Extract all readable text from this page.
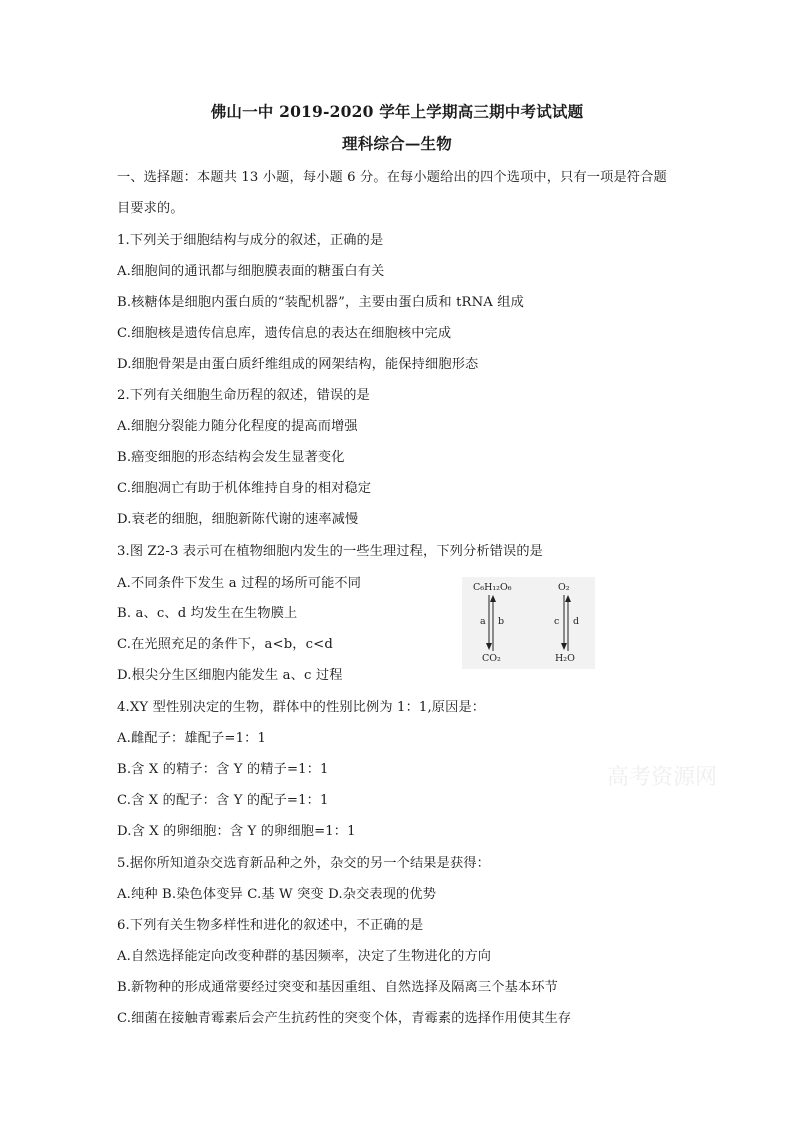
佛山一中 2019-2020 学年上学期高三期中考试试题
理科综合—生物
一、选择题：本题共 13 小题，每小题 6 分。在每小题给出的四个选项中，只有一项是符合题
目要求的。
1.下列关于细胞结构与成分的叙述，正确的是
A.细胞间的通讯都与细胞膜表面的糖蛋白有关
B.核糖体是细胞内蛋白质的“装配机器”，主要由蛋白质和 tRNA 组成
C.细胞核是遗传信息库，遗传信息的表达在细胞核中完成
D.细胞骨架是由蛋白质纤维组成的网架结构，能保持细胞形态
2.下列有关细胞生命历程的叙述，错误的是
A.细胞分裂能力随分化程度的提高而增强
B.癌变细胞的形态结构会发生显著变化
C.细胞凋亡有助于机体维持自身的相对稳定
D.衰老的细胞，细胞新陈代谢的速率减慢
3.图 Z2-3 表示可在植物细胞内发生的一些生理过程，下列分析错误的是
A.不同条件下发生 a 过程的场所可能不同
B. a、c、d 均发生在生物膜上
C.在光照充足的条件下，a<b，c<d
D.根尖分生区细胞内能发生 a、c 过程
C₆H₁₂O₆	O₂
CO₂	H₂O
a b	c d
4.XY 型性别决定的生物，群体中的性别比例为 1：1,原因是：
A.雌配子：雄配子=1：1
B.含 X 的精子：含 Y 的精子=1：1
C.含 X 的配子：含 Y 的配子=1：1
D.含 X 的卵细胞：含 Y 的卵细胞=1：1
高考资源网
5.据你所知道杂交选育新品种之外，杂交的另一个结果是获得：
A.纯种 B.染色体变异 C.基 W 突变 D.杂交表现的优势
6.下列有关生物多样性和进化的叙述中，不正确的是
A.自然选择能定向改变种群的基因频率，决定了生物进化的方向
B.新物种的形成通常要经过突变和基因重组、自然选择及隔离三个基本环节
C.细菌在接触青霉素后会产生抗药性的突变个体，青霉素的选择作用使其生存
